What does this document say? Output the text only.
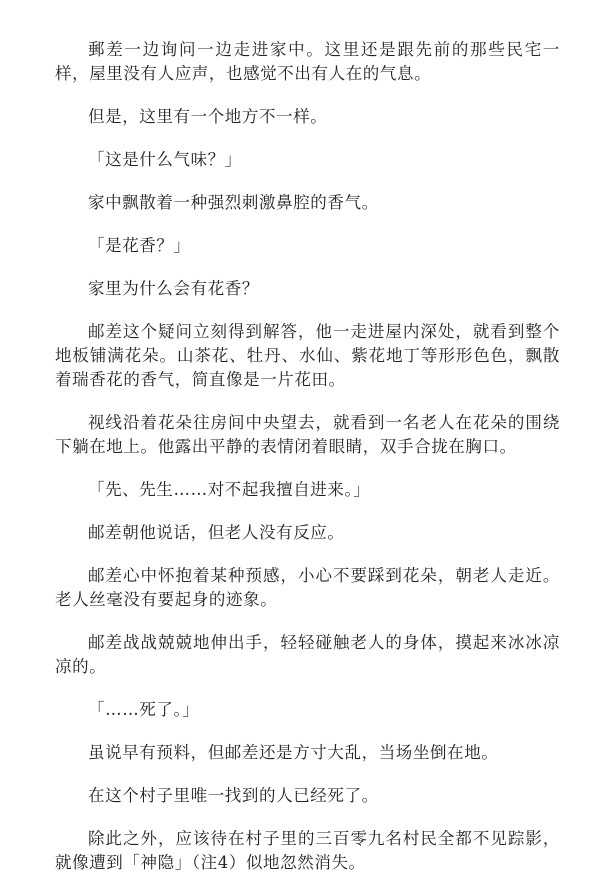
郵差一边询问一边走进家中。这里还是跟先前的那些民宅一样，屋里没有人应声，也感觉不出有人在的气息。

但是，这里有一个地方不一样。

「这是什么气味？」

家中飘散着一种强烈刺激鼻腔的香气。

「是花香？」

家里为什么会有花香？

邮差这个疑问立刻得到解答，他一走进屋内深处，就看到整个地板铺满花朵。山茶花、牡丹、水仙、紫花地丁等形形色色，飘散着瑞香花的香气，简直像是一片花田。

视线沿着花朵往房间中央望去，就看到一名老人在花朵的围绕下躺在地上。他露出平静的表情闭着眼睛，双手合拢在胸口。

「先、先生……对不起我擅自进来。」

邮差朝他说话，但老人没有反应。

邮差心中怀抱着某种预感，小心不要踩到花朵，朝老人走近。老人丝毫没有要起身的迹象。

邮差战战兢兢地伸出手，轻轻碰触老人的身体，摸起来冰冰凉凉的。

「……死了。」

虽说早有预料，但邮差还是方寸大乱，当场坐倒在地。

在这个村子里唯一找到的人已经死了。

除此之外，应该待在村子里的三百零九名村民全都不见踪影，就像遭到「神隐」（注4）似地忽然消失。
